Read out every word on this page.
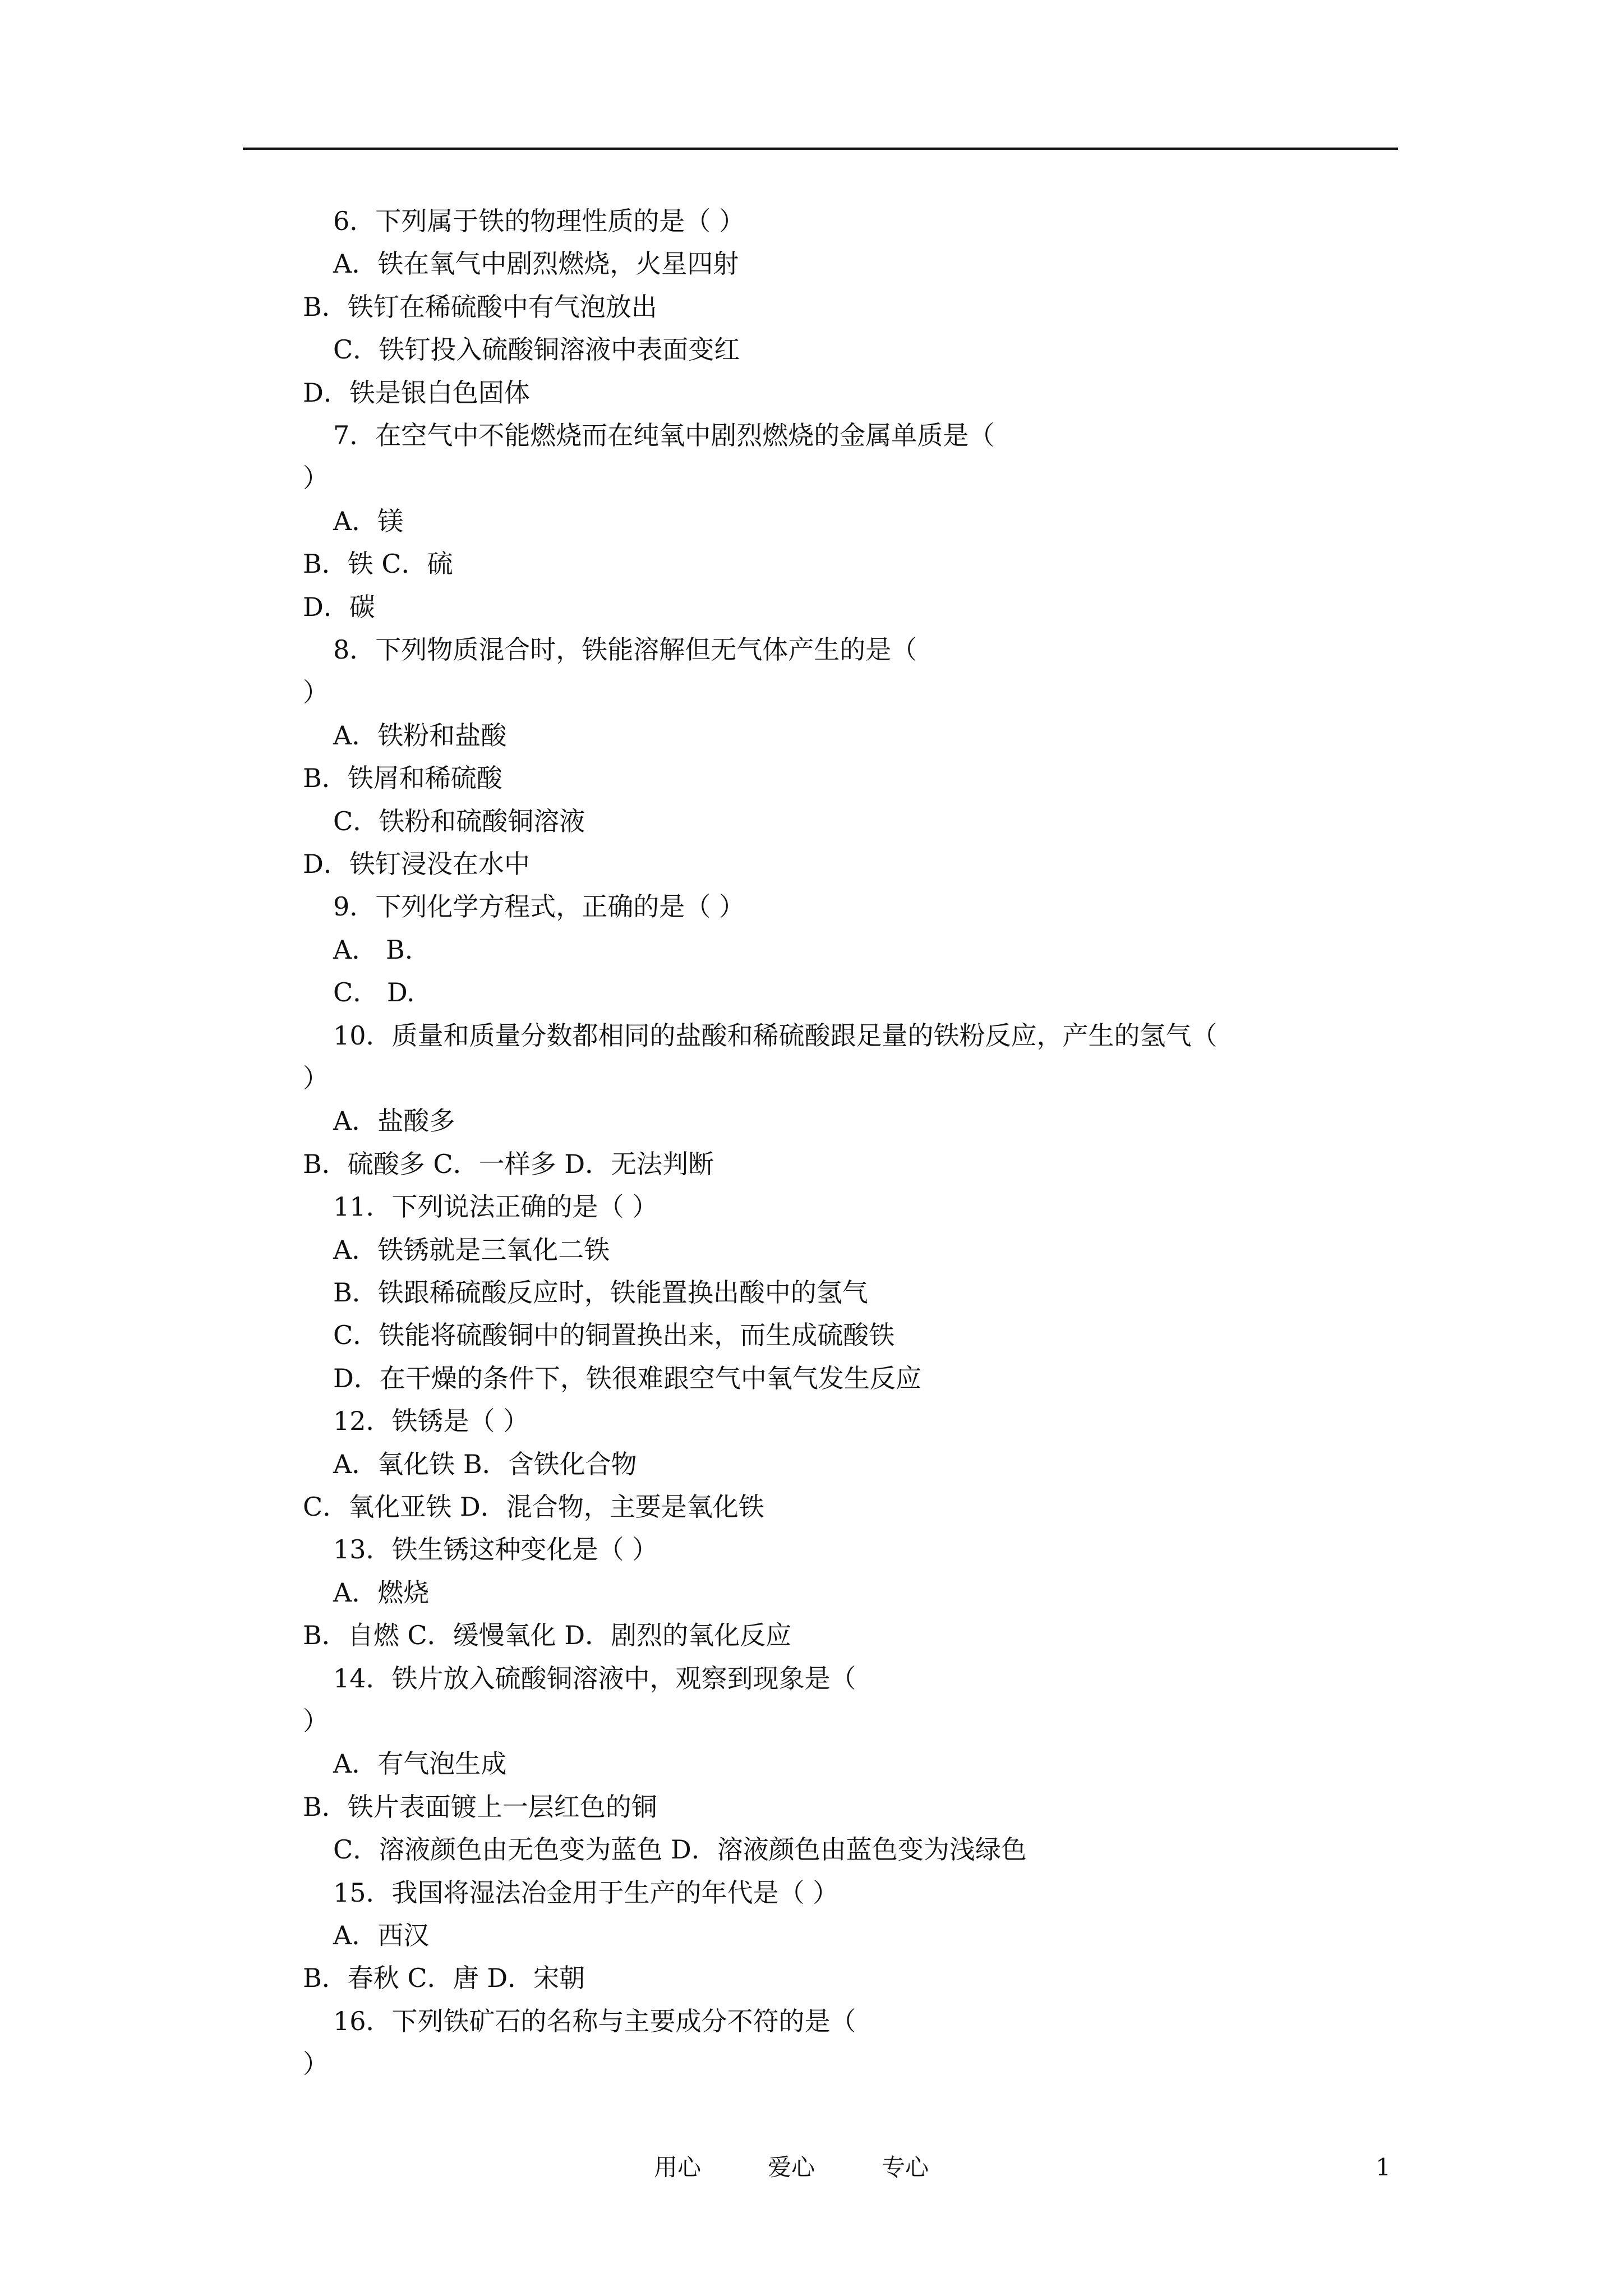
6．下列属于铁的物理性质的是（ ）
A．铁在氧气中剧烈燃烧，火星四射
B．铁钉在稀硫酸中有气泡放出
C．铁钉投入硫酸铜溶液中表面变红
D．铁是银白色固体
7．在空气中不能燃烧而在纯氧中剧烈燃烧的金属单质是（
）
A．镁
B．铁 C．硫
D．碳
8．下列物质混合时，铁能溶解但无气体产生的是（
）
A．铁粉和盐酸
B．铁屑和稀硫酸
C．铁粉和硫酸铜溶液
D．铁钉浸没在水中
9．下列化学方程式，正确的是（ ）
A． B.
C． D.
10．质量和质量分数都相同的盐酸和稀硫酸跟足量的铁粉反应，产生的氢气（
）
A．盐酸多
B．硫酸多 C．一样多 D．无法判断
11．下列说法正确的是（ ）
A．铁锈就是三氧化二铁
B．铁跟稀硫酸反应时，铁能置换出酸中的氢气
C．铁能将硫酸铜中的铜置换出来，而生成硫酸铁
D．在干燥的条件下，铁很难跟空气中氧气发生反应
12．铁锈是（ ）
A．氧化铁 B．含铁化合物
C．氧化亚铁 D．混合物，主要是氧化铁
13．铁生锈这种变化是（ ）
A．燃烧
B．自燃 C．缓慢氧化 D．剧烈的氧化反应
14．铁片放入硫酸铜溶液中，观察到现象是（
）
A．有气泡生成
B．铁片表面镀上一层红色的铜
C．溶液颜色由无色变为蓝色 D．溶液颜色由蓝色变为浅绿色
15．我国将湿法冶金用于生产的年代是（ ）
A．西汉
B．春秋 C．唐 D．宋朝
16．下列铁矿石的名称与主要成分不符的是（
）
用心	爱心	专心	1
